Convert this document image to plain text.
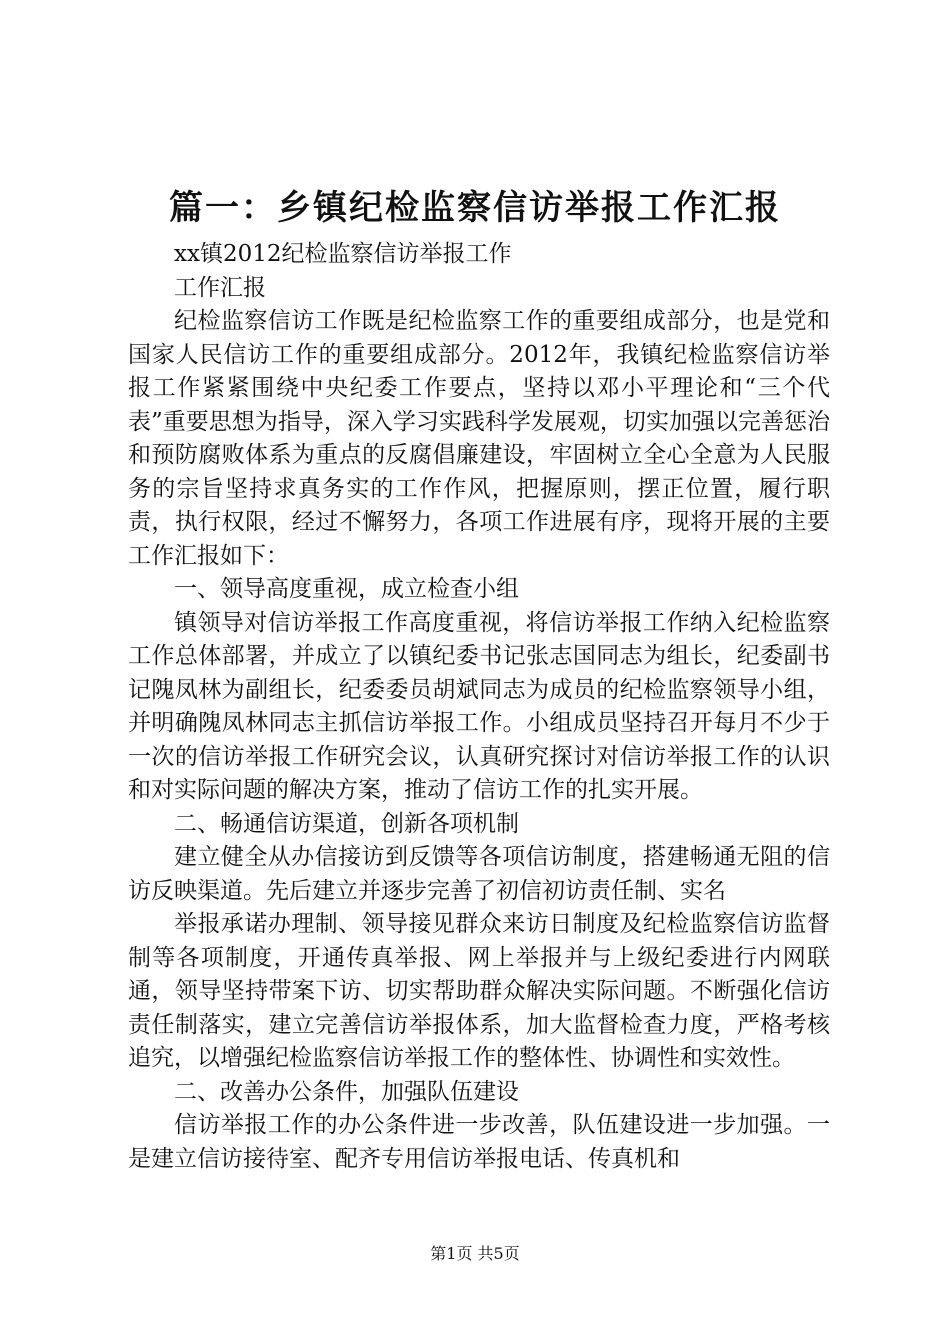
篇一：乡镇纪检监察信访举报工作汇报

xx镇2012纪检监察信访举报工作

工作汇报

纪检监察信访工作既是纪检监察工作的重要组成部分，也是党和国家人民信访工作的重要组成部分。2012年，我镇纪检监察信访举报工作紧紧围绕中央纪委工作要点，坚持以邓小平理论和“三个代表”重要思想为指导，深入学习实践科学发展观，切实加强以完善惩治和预防腐败体系为重点的反腐倡廉建设，牢固树立全心全意为人民服务的宗旨坚持求真务实的工作作风，把握原则，摆正位置，履行职责，执行权限，经过不懈努力，各项工作进展有序，现将开展的主要工作汇报如下：

一、领导高度重视，成立检查小组

镇领导对信访举报工作高度重视，将信访举报工作纳入纪检监察工作总体部署，并成立了以镇纪委书记张志国同志为组长，纪委副书记隗凤林为副组长，纪委委员胡斌同志为成员的纪检监察领导小组，并明确隗凤林同志主抓信访举报工作。小组成员坚持召开每月不少于一次的信访举报工作研究会议，认真研究探讨对信访举报工作的认识和对实际问题的解决方案，推动了信访工作的扎实开展。

二、畅通信访渠道，创新各项机制

建立健全从办信接访到反馈等各项信访制度，搭建畅通无阻的信访反映渠道。先后建立并逐步完善了初信初访责任制、实名

举报承诺办理制、领导接见群众来访日制度及纪检监察信访监督制等各项制度，开通传真举报、网上举报并与上级纪委进行内网联通，领导坚持带案下访、切实帮助群众解决实际问题。不断强化信访责任制落实，建立完善信访举报体系，加大监督检查力度，严格考核追究，以增强纪检监察信访举报工作的整体性、协调性和实效性。

二、改善办公条件，加强队伍建设

信访举报工作的办公条件进一步改善，队伍建设进一步加强。一是建立信访接待室、配齐专用信访举报电话、传真机和

第1页 共5页
